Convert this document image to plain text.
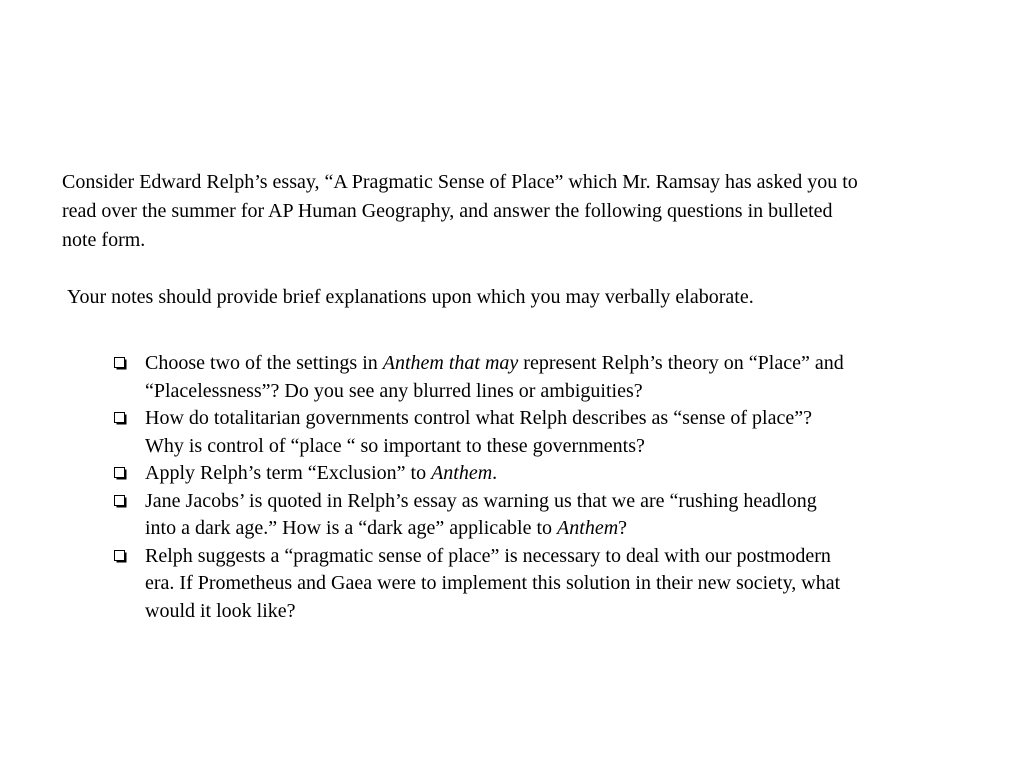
Consider Edward Relph’s essay, “A Pragmatic Sense of Place” which Mr. Ramsay has asked you to read over the summer for AP Human Geography, and answer the following questions in bulleted note form.

Your notes should provide brief explanations upon which you may verbally elaborate.

Choose two of the settings in Anthem that may represent Relph’s theory on “Place” and “Placelessness”? Do you see any blurred lines or ambiguities?
How do totalitarian governments control what Relph describes as “sense of place”? Why is control of “place “ so important to these governments?
Apply Relph’s term “Exclusion” to Anthem.
Jane Jacobs’ is quoted in Relph’s essay as warning us that we are “rushing headlong into a dark age.” How is a “dark age” applicable to Anthem?
Relph suggests a “pragmatic sense of place” is necessary to deal with our postmodern era. If Prometheus and Gaea were to implement this solution in their new society, what would it look like?
